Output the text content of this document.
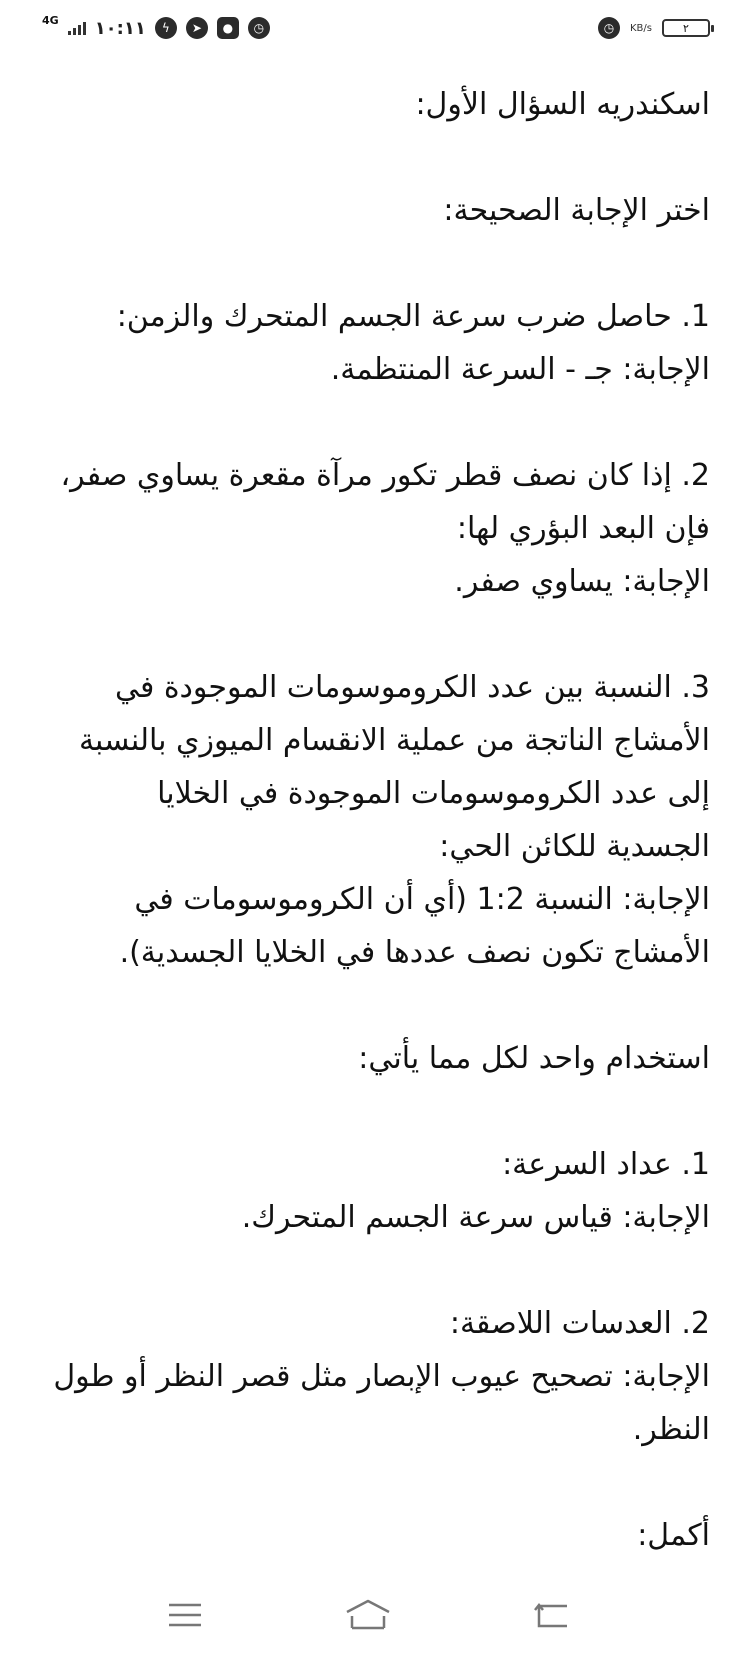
4G ١٠:١١	ϟ	➤	●	◷	◷	KB/s	٢

اسكندريه السؤال الأول:

اختر الإجابة الصحيحة:

1. حاصل ضرب سرعة الجسم المتحرك والزمن:

الإجابة: جـ - السرعة المنتظمة.

2. إذا كان نصف قطر تكور مرآة مقعرة يساوي صفر، فإن البعد البؤري لها:

الإجابة: يساوي صفر.

3. النسبة بين عدد الكروموسومات الموجودة في الأمشاج الناتجة من عملية الانقسام الميوزي بالنسبة إلى عدد الكروموسومات الموجودة في الخلايا الجسدية للكائن الحي:

الإجابة: النسبة 1:2 (أي أن الكروموسومات في الأمشاج تكون نصف عددها في الخلايا الجسدية).

استخدام واحد لكل مما يأتي:

1. عداد السرعة:

الإجابة: قياس سرعة الجسم المتحرك.

2. العدسات اللاصقة:

الإجابة: تصحيح عيوب الإبصار مثل قصر النظر أو طول النظر.

أكمل:
